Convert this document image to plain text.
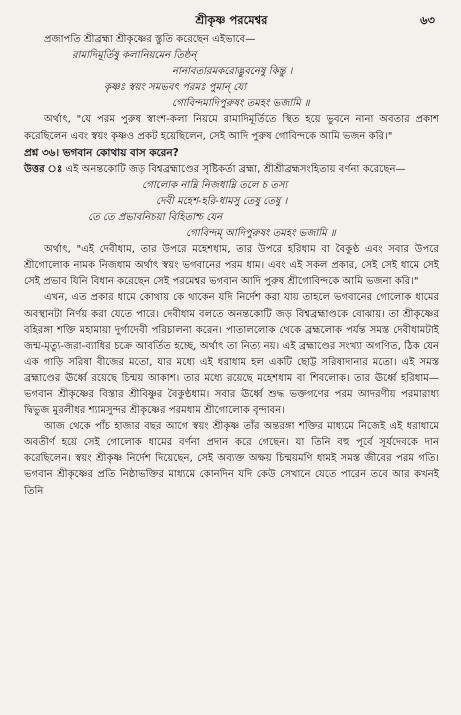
শ্রীকৃষ্ণ পরমেশ্বর	৬৩

প্রজাপতি শ্রীব্রহ্মা শ্রীকৃষ্ণের স্তুতি করেছেন এইভাবে—

রামাদিমূর্তিষু কলানিয়মেন তিষ্ঠন্
নানাবতারমকরোদ্ভুবনেষু কিন্তু ।
কৃষ্ণঃ স্বয়ং সমভবৎ পরমঃ পুমান্ যো
গোবিন্দমাদিপুরুষং তমহং ভজামি ॥

অর্থাৎ, "যে পরম পুরুষ স্বাংশ-কলা নিয়মে রামাদিমূর্তিতে স্থিত হয়ে ভুবনে নানা অবতার প্রকাশ করেছিলেন এবং স্বয়ং কৃষ্ণও প্রকট হয়েছিলেন, সেই আদি পুরুষ গোবিন্দকে আমি ভজন করি।"

প্রশ্ন ৩৬। ভগবান কোথায় বাস করেন?

উত্তর ঃ এই অনন্তকোটি জড় বিশ্বব্রহ্মাণ্ডের সৃষ্টিকর্তা ব্রহ্মা, শ্রীশ্রীব্রহ্মসংহিতায় বর্ণনা করেছেন—

গোলোক নাম্নি নিজধাম্নি তলে চ তস্য
দেবী মহেশ-হরি-ধামসু তেষু তেষু ।
তে তে প্রভাবনিচয়া বিহিতাশ্চ যেন
গোবিন্দম্ আদিপুরুষং তমহং ভজামি ॥

অর্থাৎ, "এই দেবীধাম, তার উপরে মহেশধাম, তার উপরে হরিধাম বা বৈকুণ্ঠ এবং সবার উপরে শ্রীগোলোক নামক নিজধাম অর্থাৎ স্বয়ং ভগবানের পরম ধাম। এবং এই সকল প্রকার, সেই সেই ধামে সেই সেই প্রভাব যিনি বিধান করেছেন সেই পরমেশ্বর ভগবান আদি পুরুষ শ্রীগোবিন্দকে আমি ভজনা করি।"

এখন, এত প্রকার ধামে কোথায় কে থাকেন যদি নির্দেশ করা যায় তাহলে ভগবানের গোলোক ধামের অবস্থানটা নির্ণয় করা যেতে পারে। দেবীধাম বলতে অনন্তকোটি জড় বিশ্বব্রহ্মাণ্ডকে বোঝায়। তা শ্রীকৃষ্ণের বহিরঙ্গা শক্তি মহামায়া দুর্গাদেবী পরিচালনা করেন। পাতাললোক থেকে ব্রহ্মলোক পর্যন্ত সমস্ত দেবীধামটাই জন্ম-মৃত্যু-জরা-ব্যাধির চক্রে আবর্তিত হচ্ছে, অর্থাৎ তা নিত্য নয়। এই ব্রহ্মাণ্ডের সংখ্যা অগণিত, ঠিক যেন এক গাড়ি সরিষা বীজের মতো, যার মধ্যে এই ধরাধাম হল একটি ছোট্ট সরিষাদানার মতো। এই সমস্ত ব্রহ্মাণ্ডের ঊর্ধ্বে রয়েছে চিন্ময় আকাশ। তার মধ্যে রয়েছে মহেশধাম বা শিবলোক। তার ঊর্ধ্বে হরিধাম—ভগবান শ্রীকৃষ্ণের বিস্তার শ্রীবিষ্ণুর বৈকুণ্ঠধাম। সবার ঊর্ধ্বে শুদ্ধ ভক্তগণের পরম আদরণীয় পরমারাধ্য দ্বিভুজ মুরলীধর শ্যামসুন্দর শ্রীকৃষ্ণের পরমধাম শ্রীগোলোক বৃন্দাবন।

আজ থেকে পাঁচ হাজার বছর আগে স্বয়ং শ্রীকৃষ্ণ তাঁর অন্তরঙ্গা শক্তির মাধ্যমে নিজেই এই ধরাধামে অবতীর্ণ হয়ে সেই গোলোক ধামের বর্ণনা প্রদান করে গেছেন। যা তিনি বহু পূর্বে সূর্যদেবকে দান করেছিলেন। স্বয়ং শ্রীকৃষ্ণ নির্দেশ দিয়েছেন, সেই অব্যক্ত অক্ষয় চিন্ময়মণি ধামই সমস্ত জীবের পরম গতি। ভগবান শ্রীকৃষ্ণের প্রতি নিষ্ঠাভক্তির মাধ্যমে কোনদিন যদি কেউ সেখানে যেতে পারেন তবে আর কখনই তিনি
